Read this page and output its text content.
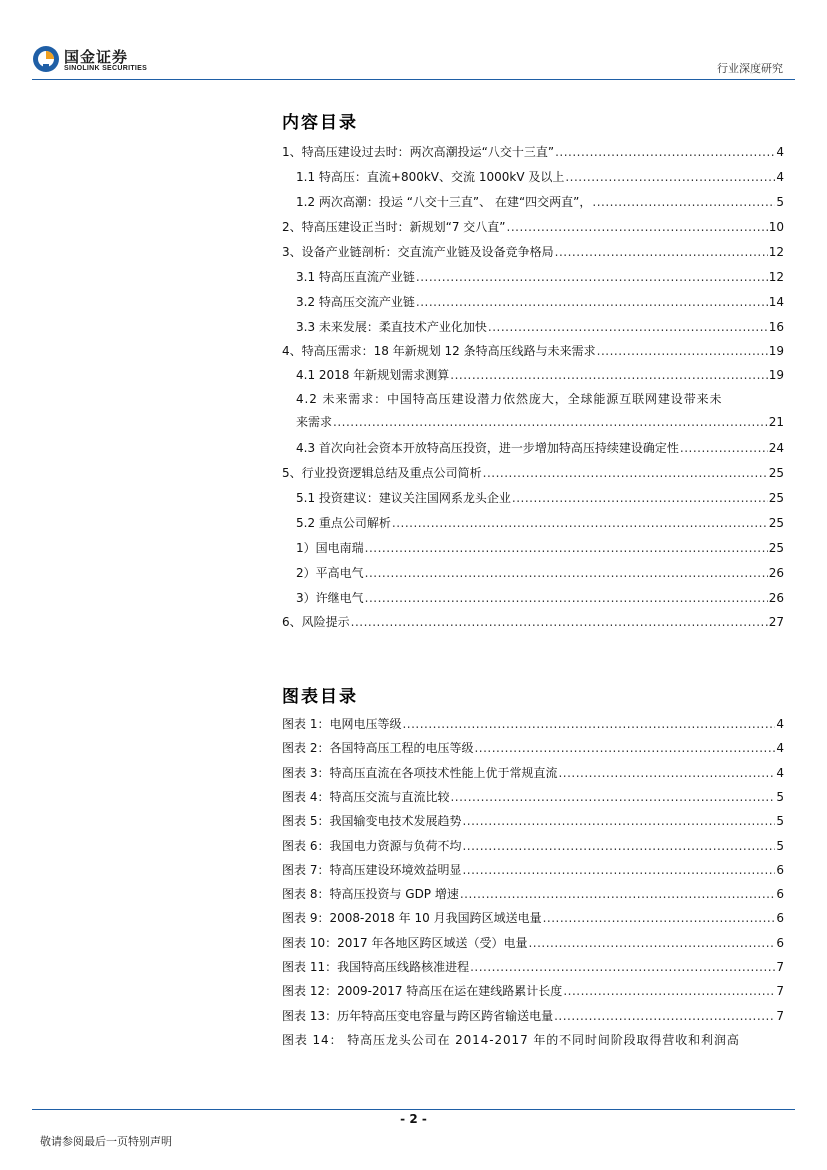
国金证券
SINOLINK SECURITIES	行业深度研究
内容目录
1、特高压建设过去时：两次高潮投运“八交十三直” .....	4
1.1 特高压：直流+800kV、交流 1000kV 及以上 .....	4
1.2 两次高潮：投运 “八交十三直”、 在建“四交两直”， .....	5
2、特高压建设正当时：新规划“7 交八直” .....	10
3、设备产业链剖析：交直流产业链及设备竞争格局 .....	12
3.1 特高压直流产业链 .....	12
3.2 特高压交流产业链 .....	14
3.3 未来发展：柔直技术产业化加快 .....	16
4、特高压需求：18 年新规划 12 条特高压线路与未来需求 .....	19
4.1 2018 年新规划需求测算 .....	19
4.2 未来需求：中国特高压建设潜力依然庞大，全球能源互联网建设带来未
来需求 .....	21
4.3 首次向社会资本开放特高压投资，进一步增加特高压持续建设确定性 .....	24
5、行业投资逻辑总结及重点公司简析 .....	25
5.1 投资建议：建议关注国网系龙头企业 .....	25
5.2 重点公司解析 .....	25
1）国电南瑞 .....	25
2）平高电气 .....	26
3）许继电气 .....	26
6、风险提示 .....	27
图表目录
图表 1：电网电压等级 .....	4
图表 2：各国特高压工程的电压等级 .....	4
图表 3：特高压直流在各项技术性能上优于常规直流 .....	4
图表 4：特高压交流与直流比较 .....	5
图表 5：我国输变电技术发展趋势 .....	5
图表 6：我国电力资源与负荷不均 .....	5
图表 7：特高压建设环境效益明显 .....	6
图表 8：特高压投资与 GDP 增速 .....	6
图表 9：2008-2018 年 10 月我国跨区域送电量 .....	6
图表 10：2017 年各地区跨区域送（受）电量 .....	6
图表 11：我国特高压线路核准进程 .....	7
图表 12：2009-2017 特高压在运在建线路累计长度 .....	7
图表 13：历年特高压变电容量与跨区跨省输送电量 .....	7
图表 14： 特高压龙头公司在 2014-2017 年的不同时间阶段取得营收和利润高
- 2 -
敬请参阅最后一页特别声明
